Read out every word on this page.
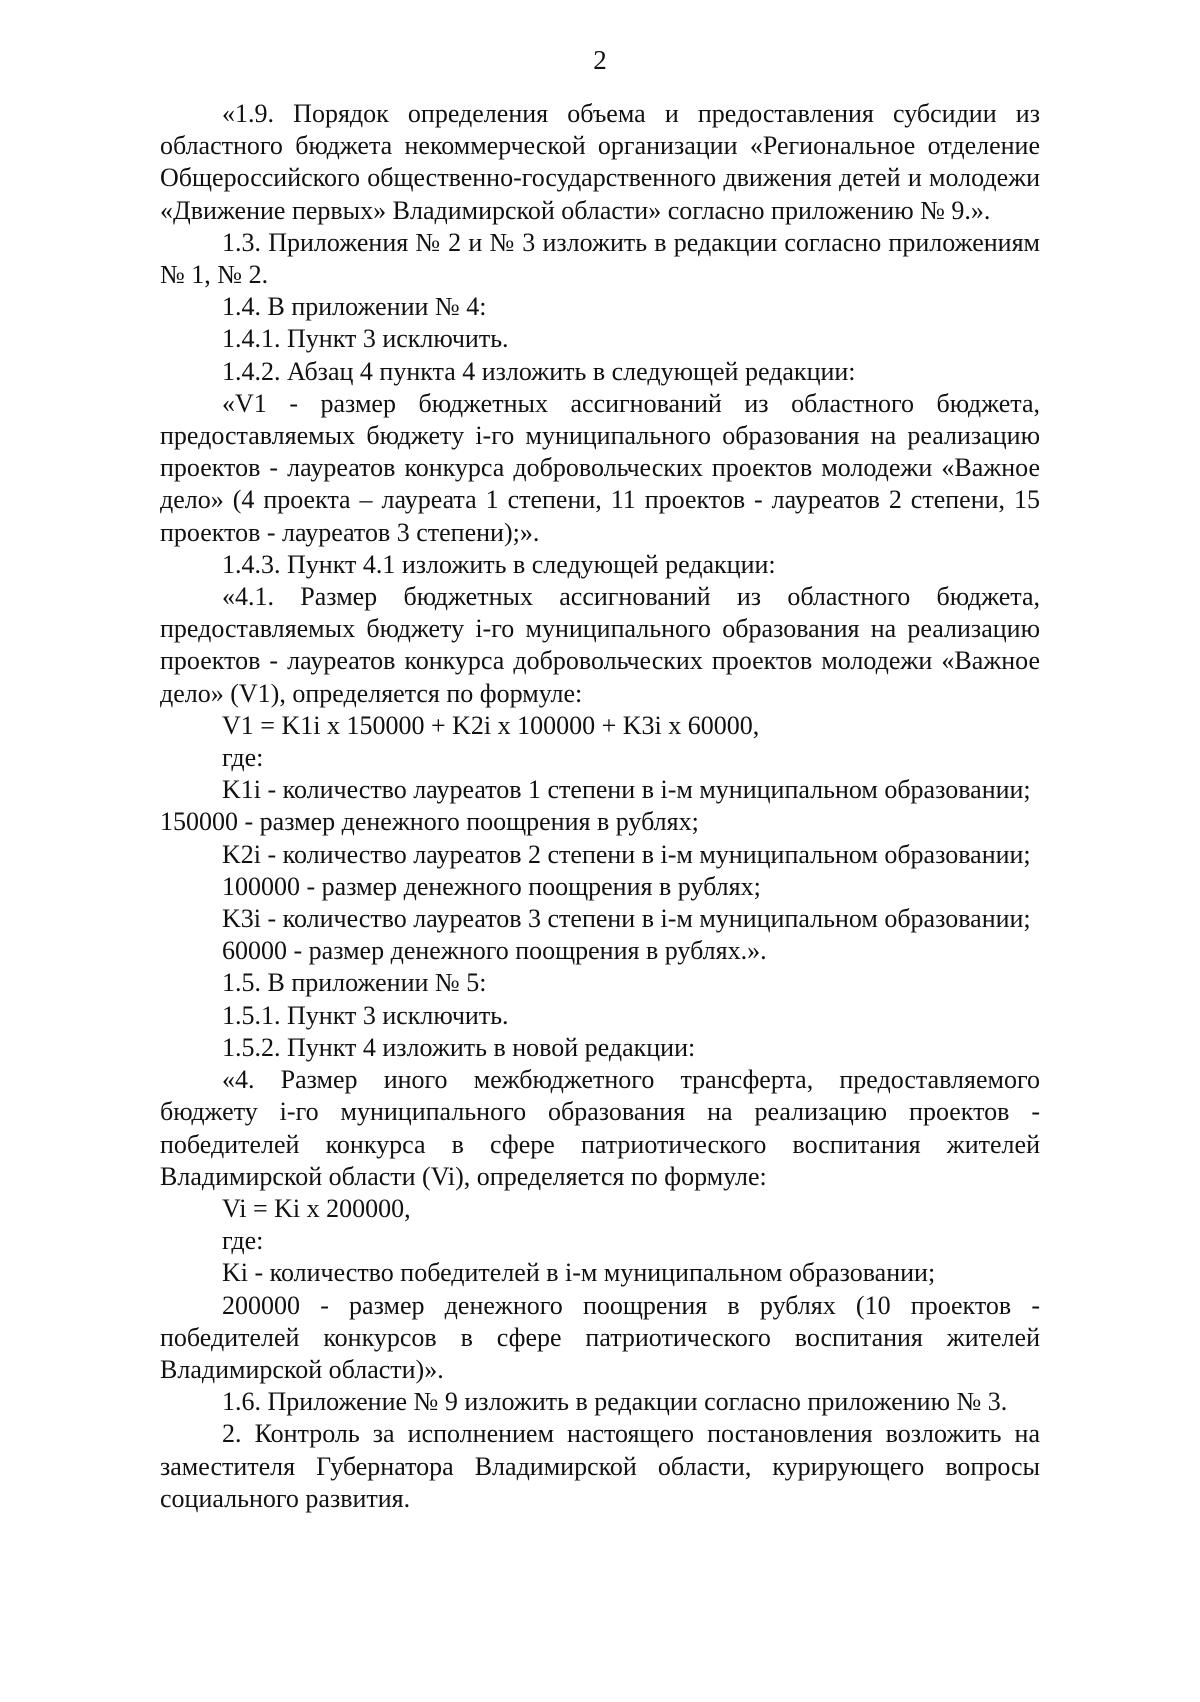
2

«1.9. Порядок определения объема и предоставления субсидии из областного бюджета некоммерческой организации «Региональное отделение Общероссийского общественно-государственного движения детей и молодежи «Движение первых» Владимирской области» согласно приложению № 9.».

1.3. Приложения № 2 и № 3 изложить в редакции согласно приложениям № 1, № 2.

1.4. В приложении № 4:

1.4.1. Пункт 3 исключить.

1.4.2. Абзац 4 пункта 4 изложить в следующей редакции:

«V1 - размер бюджетных ассигнований из областного бюджета, предоставляемых бюджету i-го муниципального образования на реализацию проектов - лауреатов конкурса добровольческих проектов молодежи «Важное дело» (4 проекта – лауреата 1 степени, 11 проектов - лауреатов 2 степени, 15 проектов - лауреатов 3 степени);».

1.4.3. Пункт 4.1 изложить в следующей редакции:

«4.1. Размер бюджетных ассигнований из областного бюджета, предоставляемых бюджету i-го муниципального образования на реализацию проектов - лауреатов конкурса добровольческих проектов молодежи «Важное дело» (V1), определяется по формуле:

V1 = K1i x 150000 + K2i x 100000 + K3i x 60000,

где:

K1i - количество лауреатов 1 степени в i-м муниципальном образовании;

150000 - размер денежного поощрения в рублях;

K2i - количество лауреатов 2 степени в i-м муниципальном образовании;

100000 - размер денежного поощрения в рублях;

K3i - количество лауреатов 3 степени в i-м муниципальном образовании;

60000 - размер денежного поощрения в рублях.».

1.5. В приложении № 5:

1.5.1. Пункт 3 исключить.

1.5.2. Пункт 4 изложить в новой редакции:

«4. Размер иного межбюджетного трансферта, предоставляемого бюджету i-го муниципального образования на реализацию проектов - победителей конкурса в сфере патриотического воспитания жителей Владимирской области (Vi), определяется по формуле:

Vi = Ki x 200000,

где:

Ki - количество победителей в i-м муниципальном образовании;

200000 - размер денежного поощрения в рублях (10 проектов - победителей конкурсов в сфере патриотического воспитания жителей Владимирской области)».

1.6. Приложение № 9 изложить в редакции согласно приложению № 3.

2. Контроль за исполнением настоящего постановления возложить на заместителя Губернатора Владимирской области, курирующего вопросы социального развития.
